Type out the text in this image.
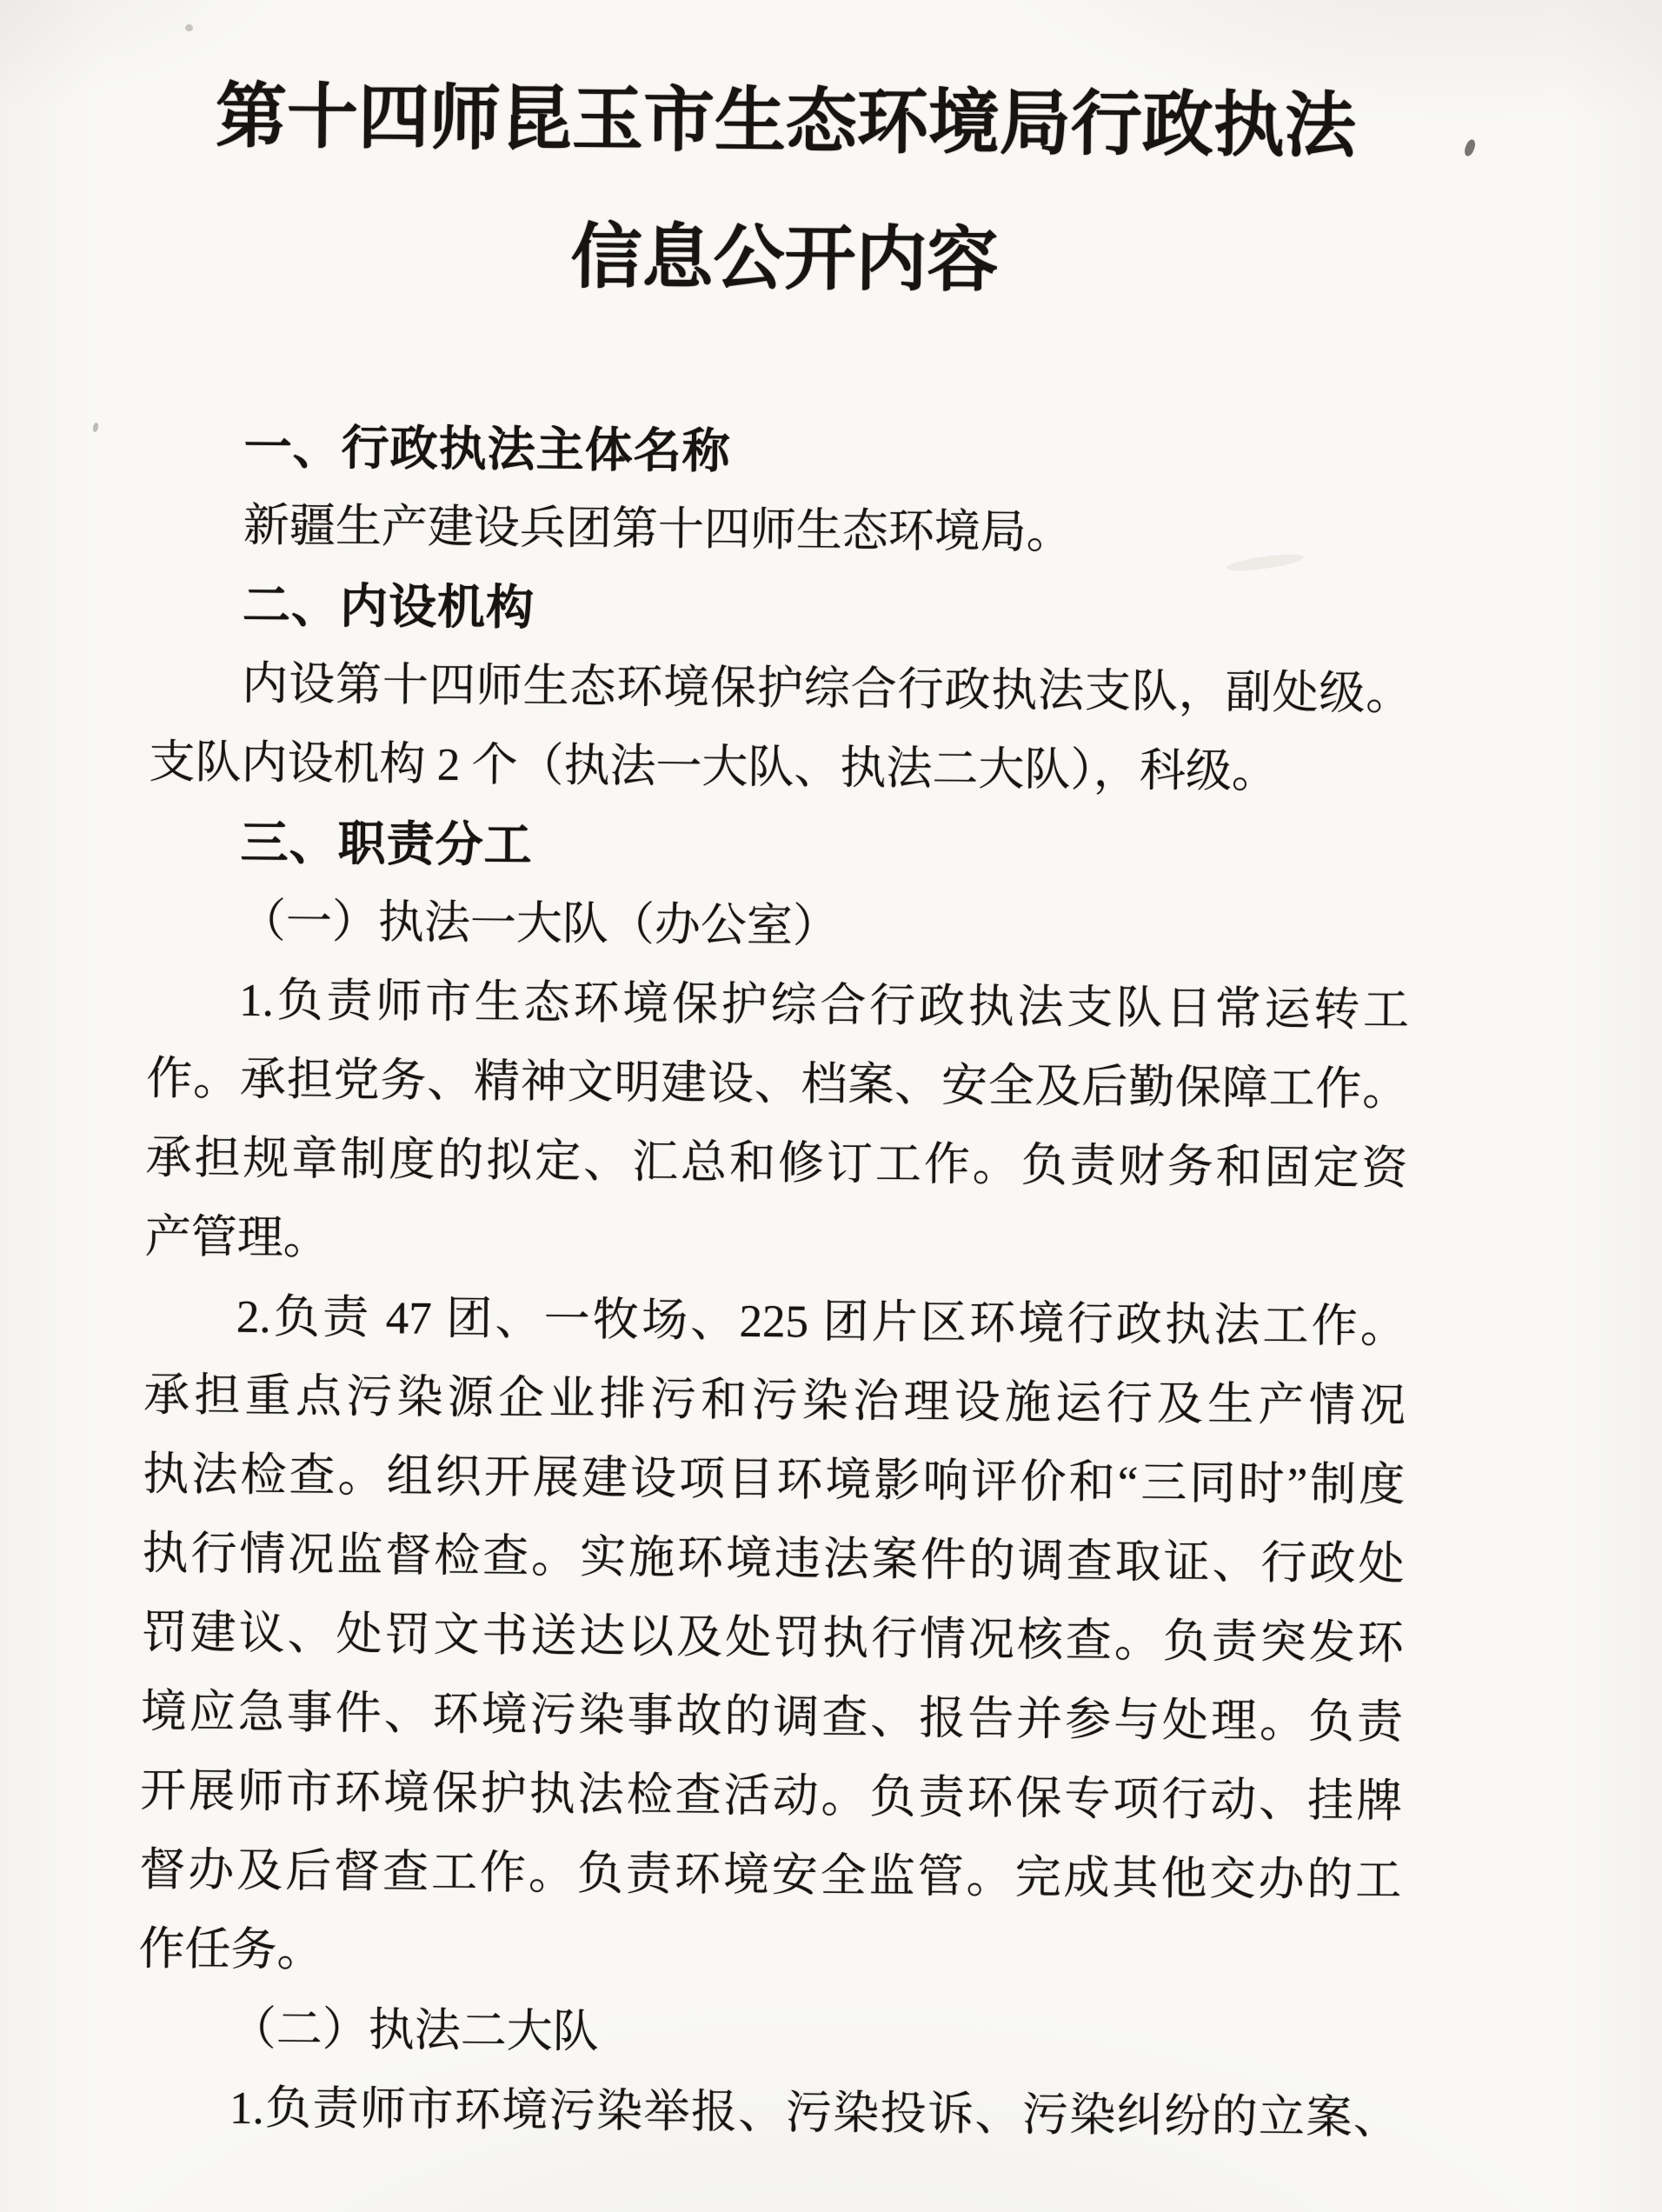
第十四师昆玉市生态环境局行政执法
信息公开内容
一、行政执法主体名称
新疆生产建设兵团第十四师生态环境局。
二、内设机构
内设第十四师生态环境保护综合行政执法支队，副处级。
支队内设机构 2 个（执法一大队、执法二大队），科级。
三、职责分工
（一）执法一大队（办公室）
1.负责师市生态环境保护综合行政执法支队日常运转工
作。承担党务、精神文明建设、档案、安全及后勤保障工作。
承担规章制度的拟定、汇总和修订工作。负责财务和固定资
产管理。
2.负责 47 团、一牧场、225 团片区环境行政执法工作。
承担重点污染源企业排污和污染治理设施运行及生产情况
执法检查。组织开展建设项目环境影响评价和“三同时”制度
执行情况监督检查。实施环境违法案件的调查取证、行政处
罚建议、处罚文书送达以及处罚执行情况核查。负责突发环
境应急事件、环境污染事故的调查、报告并参与处理。负责
开展师市环境保护执法检查活动。负责环保专项行动、挂牌
督办及后督查工作。负责环境安全监管。完成其他交办的工
作任务。
（二）执法二大队
1.负责师市环境污染举报、污染投诉、污染纠纷的立案、
